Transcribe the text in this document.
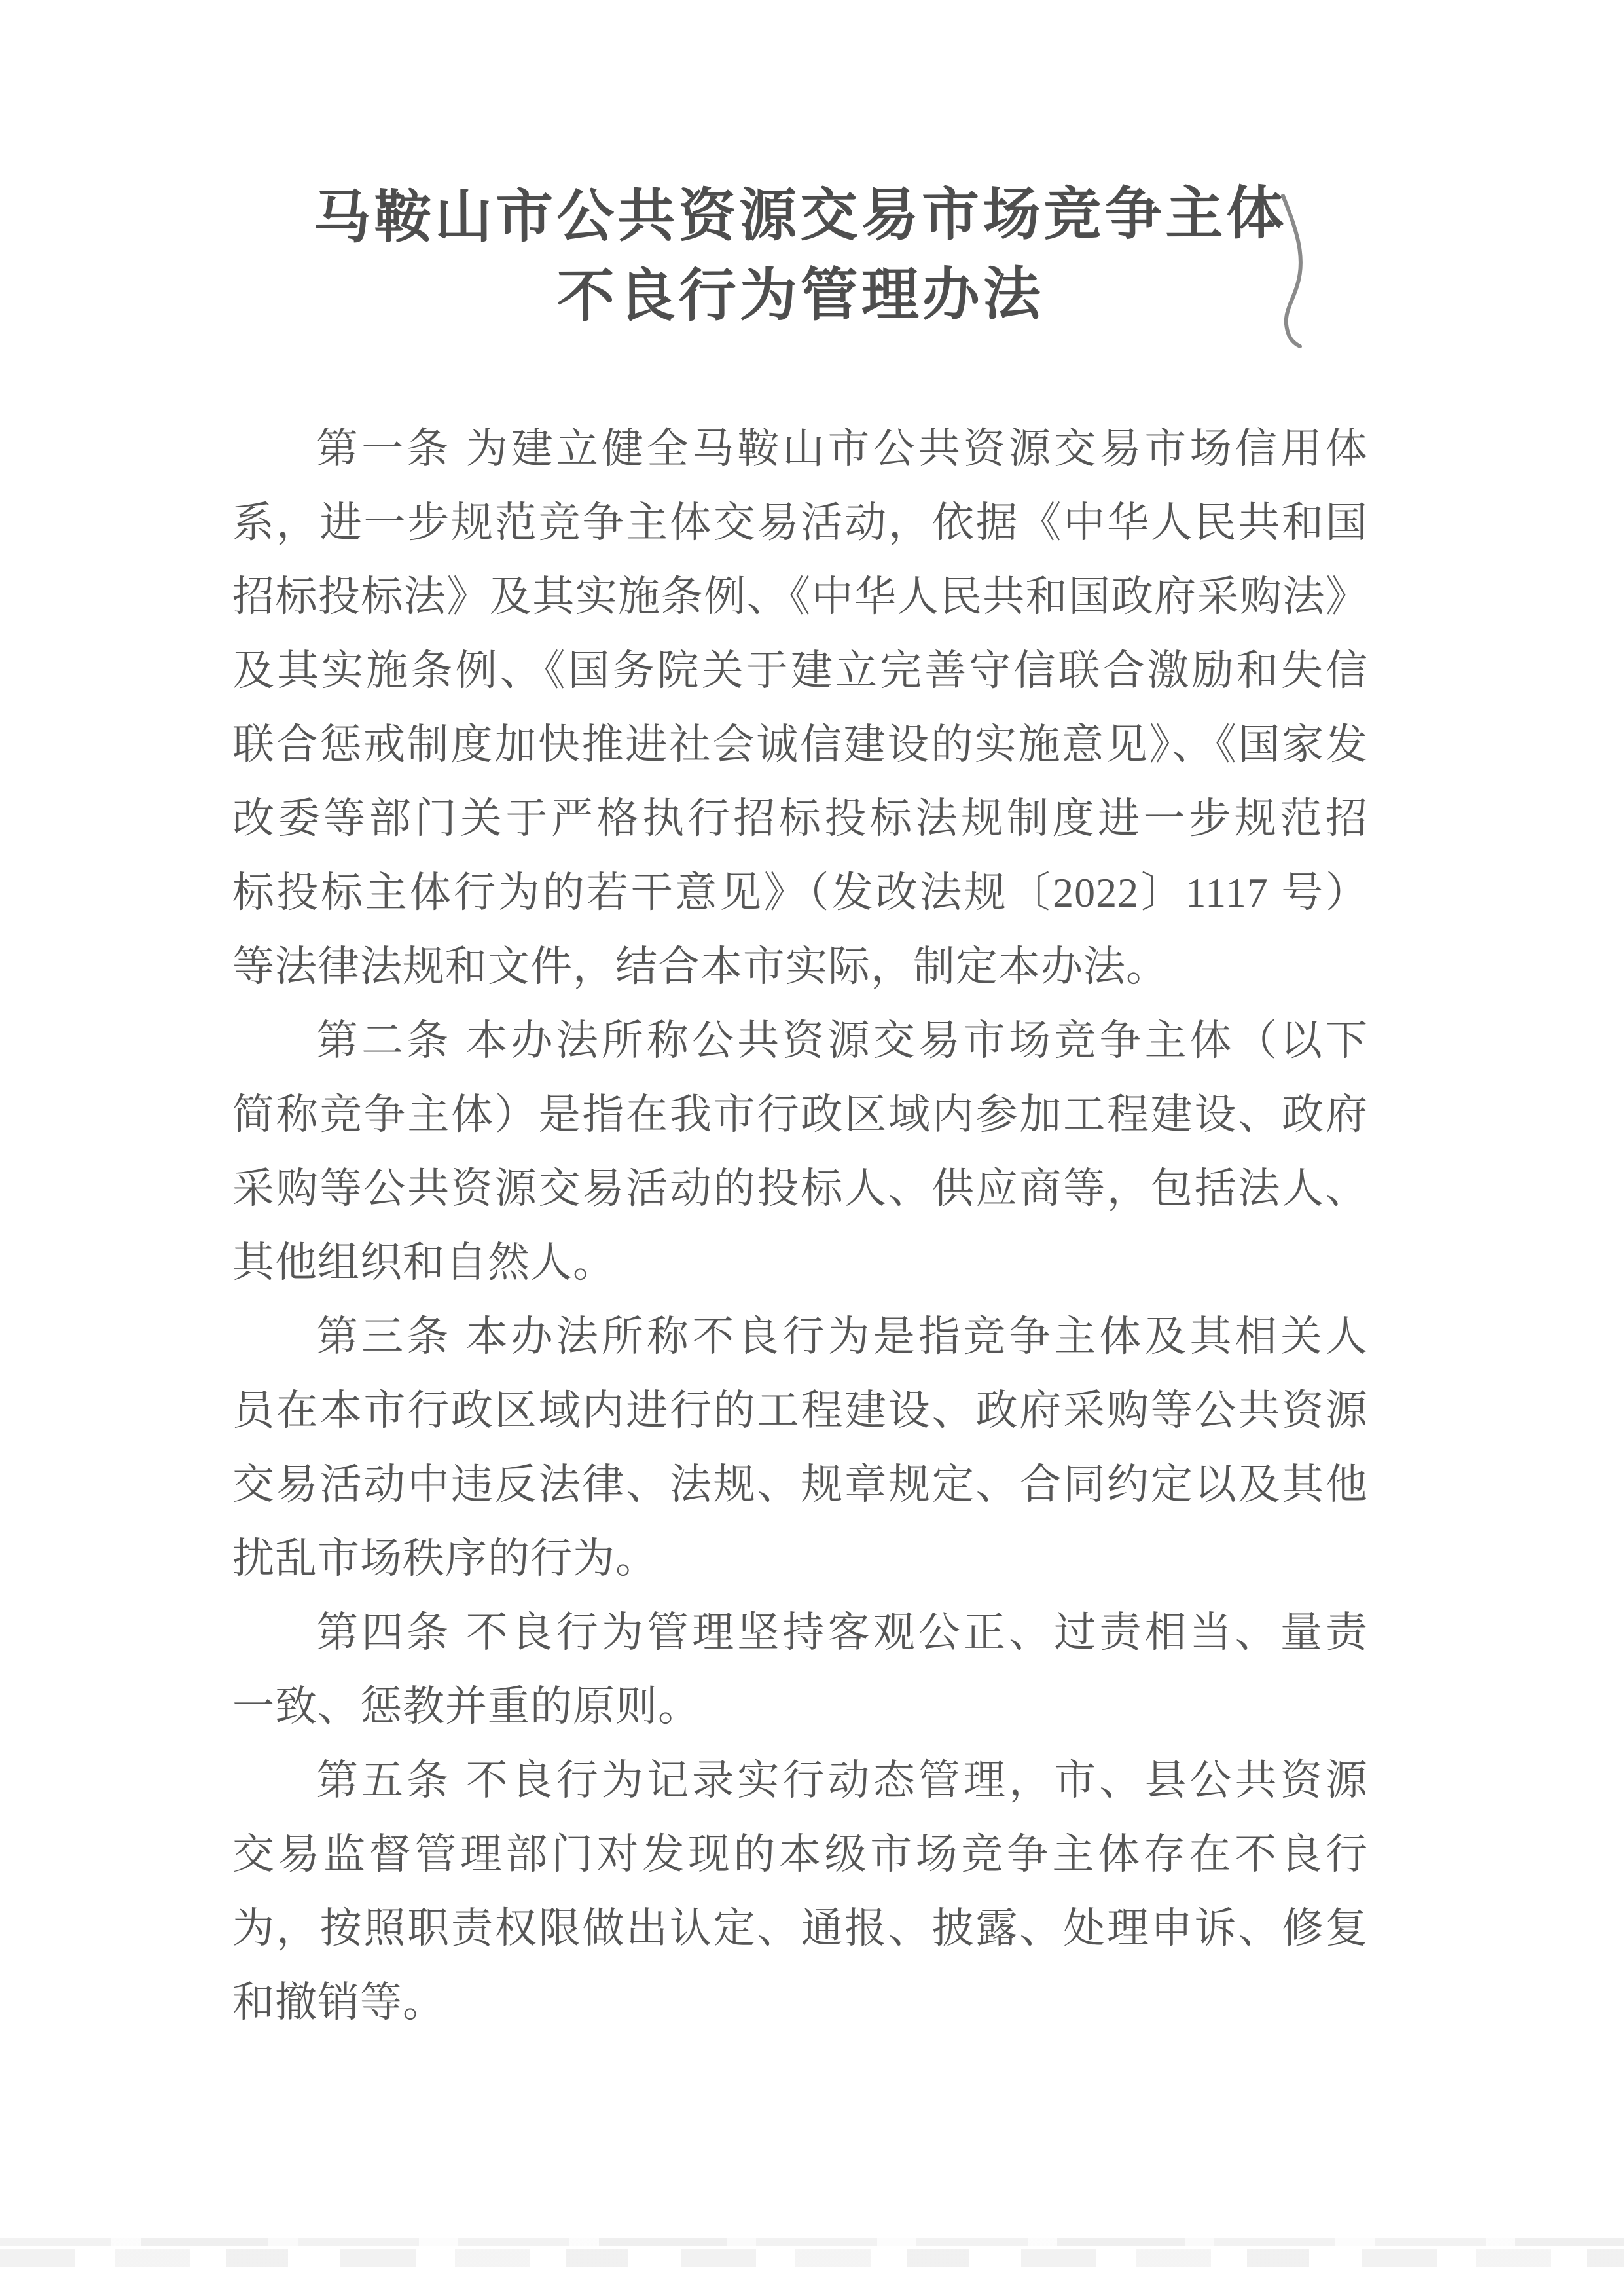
马鞍山市公共资源交易市场竞争主体
不良行为管理办法

第一条 为建立健全马鞍山市公共资源交易市场信用体
系，进一步规范竞争主体交易活动，依据《中华人民共和国
招标投标法》及其实施条例、《中华人民共和国政府采购法》
及其实施条例、《国务院关于建立完善守信联合激励和失信
联合惩戒制度加快推进社会诚信建设的实施意见》、《国家发
改委等部门关于严格执行招标投标法规制度进一步规范招
标投标主体行为的若干意见》（发改法规〔2022〕1117 号）
等法律法规和文件，结合本市实际，制定本办法。

第二条 本办法所称公共资源交易市场竞争主体（以下
简称竞争主体）是指在我市行政区域内参加工程建设、政府
采购等公共资源交易活动的投标人、供应商等，包括法人、
其他组织和自然人。

第三条 本办法所称不良行为是指竞争主体及其相关人
员在本市行政区域内进行的工程建设、政府采购等公共资源
交易活动中违反法律、法规、规章规定、合同约定以及其他
扰乱市场秩序的行为。

第四条 不良行为管理坚持客观公正、过责相当、量责
一致、惩教并重的原则。

第五条 不良行为记录实行动态管理，市、县公共资源
交易监督管理部门对发现的本级市场竞争主体存在不良行
为，按照职责权限做出认定、通报、披露、处理申诉、修复
和撤销等。
